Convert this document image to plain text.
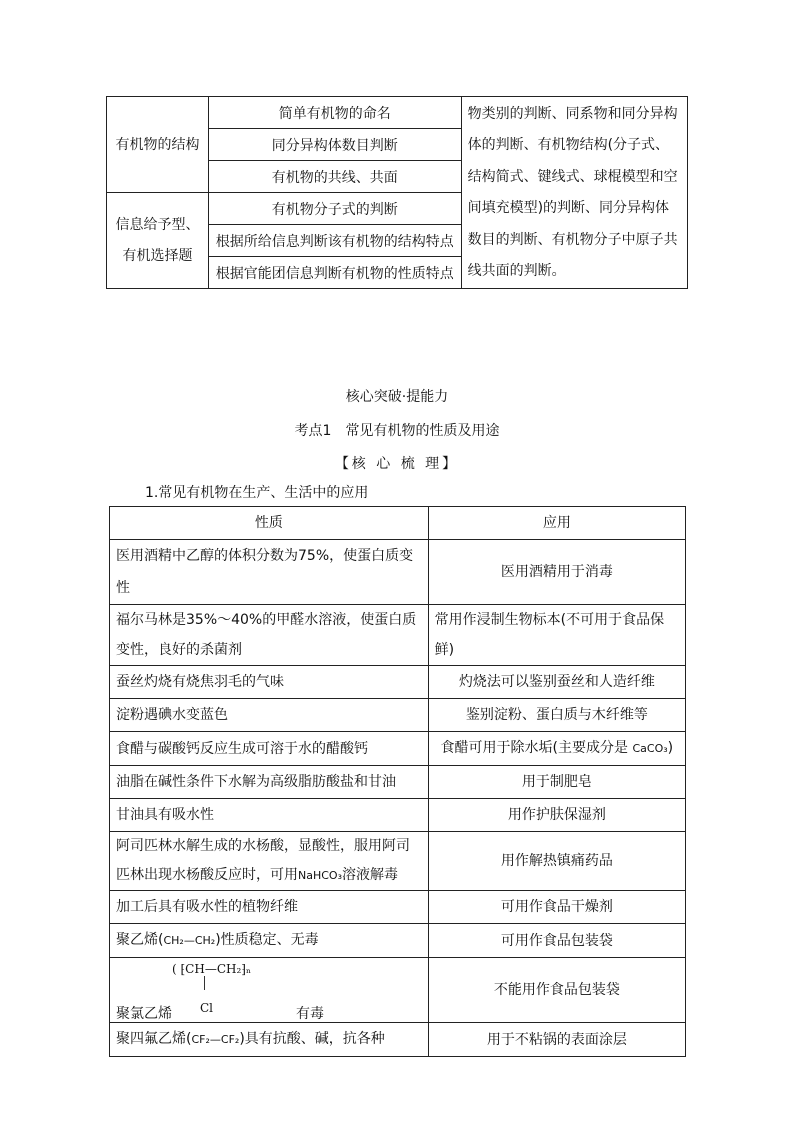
有机物的结构	简单有机物的命名	物类别的判断、同系物和同分异构体的判断、有机物结构(分子式、结构简式、键线式、球棍模型和空间填充模型)的判断、同分异构体数目的判断、有机物分子中原子共线共面的判断。
	同分异构体数目判断	
	有机物的共线、共面	
信息给予型、有机选择题	有机物分子式的判断	
	根据所给信息判断该有机物的结构特点	
	根据官能团信息判断有机物的性质特点	
核心突破·提能力
考点1 常见有机物的性质及用途
【核 心 梳 理】
1.常见有机物在生产、生活中的应用
性质	应用
医用酒精中乙醇的体积分数为75%，使蛋白质变性	医用酒精用于消毒
福尔马林是35%～40%的甲醛水溶液，使蛋白质变性，良好的杀菌剂	常用作浸制生物标本(不可用于食品保鲜)
蚕丝灼烧有烧焦羽毛的气味	灼烧法可以鉴别蚕丝和人造纤维
淀粉遇碘水变蓝色	鉴别淀粉、蛋白质与木纤维等
食醋与碳酸钙反应生成可溶于水的醋酸钙	食醋可用于除水垢(主要成分是 CaCO₃)
油脂在碱性条件下水解为高级脂肪酸盐和甘油	用于制肥皂
甘油具有吸水性	用作护肤保湿剂
阿司匹林水解生成的水杨酸，显酸性，服用阿司匹林出现水杨酸反应时，可用NaHCO₃溶液解毒	用作解热镇痛药品
加工后具有吸水性的植物纤维	可用作食品干燥剂
聚乙烯(CH₂—CH₂)性质稳定、无毒	可用作食品包装袋

( ⁅CH—CH₂⁆ₙ
Cl
聚氯乙烯 有毒	不能用作食品包装袋
聚四氟乙烯(CF₂—CF₂)具有抗酸、碱，抗各种	用于不粘锅的表面涂层
